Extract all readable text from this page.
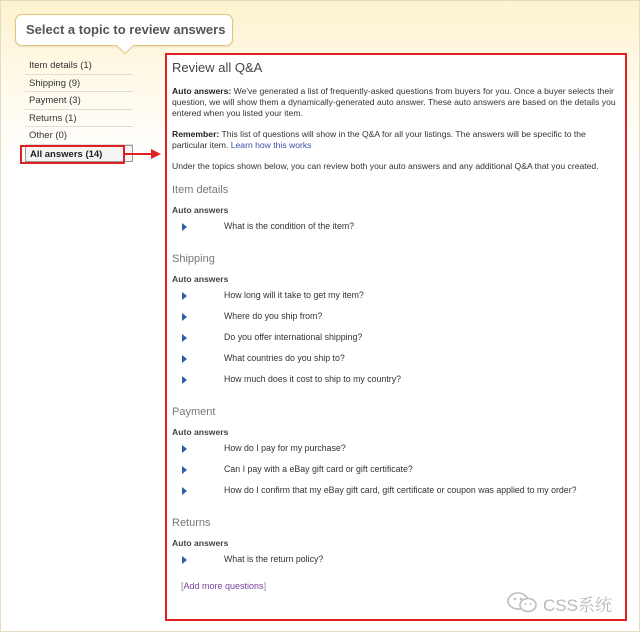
Select a topic to review answers
Item details (1)
Shipping (9)
Payment (3)
Returns (1)
Other (0)
All answers (14)
Review all Q&A

Auto answers: We've generated a list of frequently-asked questions from buyers for you. Once a buyer selects their question, we will show them a dynamically-generated auto answer. These auto answers are based on the details you entered when you listed your item.

Remember: This list of questions will show in the Q&A for all your listings. The answers will be specific to the particular item. Learn how this works

Under the topics shown below, you can review both your auto answers and any additional Q&A that you created.

Item details
Auto answers
What is the condition of the item?
Shipping
Auto answers
How long will it take to get my item?
Where do you ship from?
Do you offer international shipping?
What countries do you ship to?
How much does it cost to ship to my country?
Payment
Auto answers
How do I pay for my purchase?
Can I pay with a eBay gift card or gift certificate?
How do I confirm that my eBay gift card, gift certificate or coupon was applied to my order?
Returns
Auto answers
What is the return policy?
[Add more questions]
CSS系统
